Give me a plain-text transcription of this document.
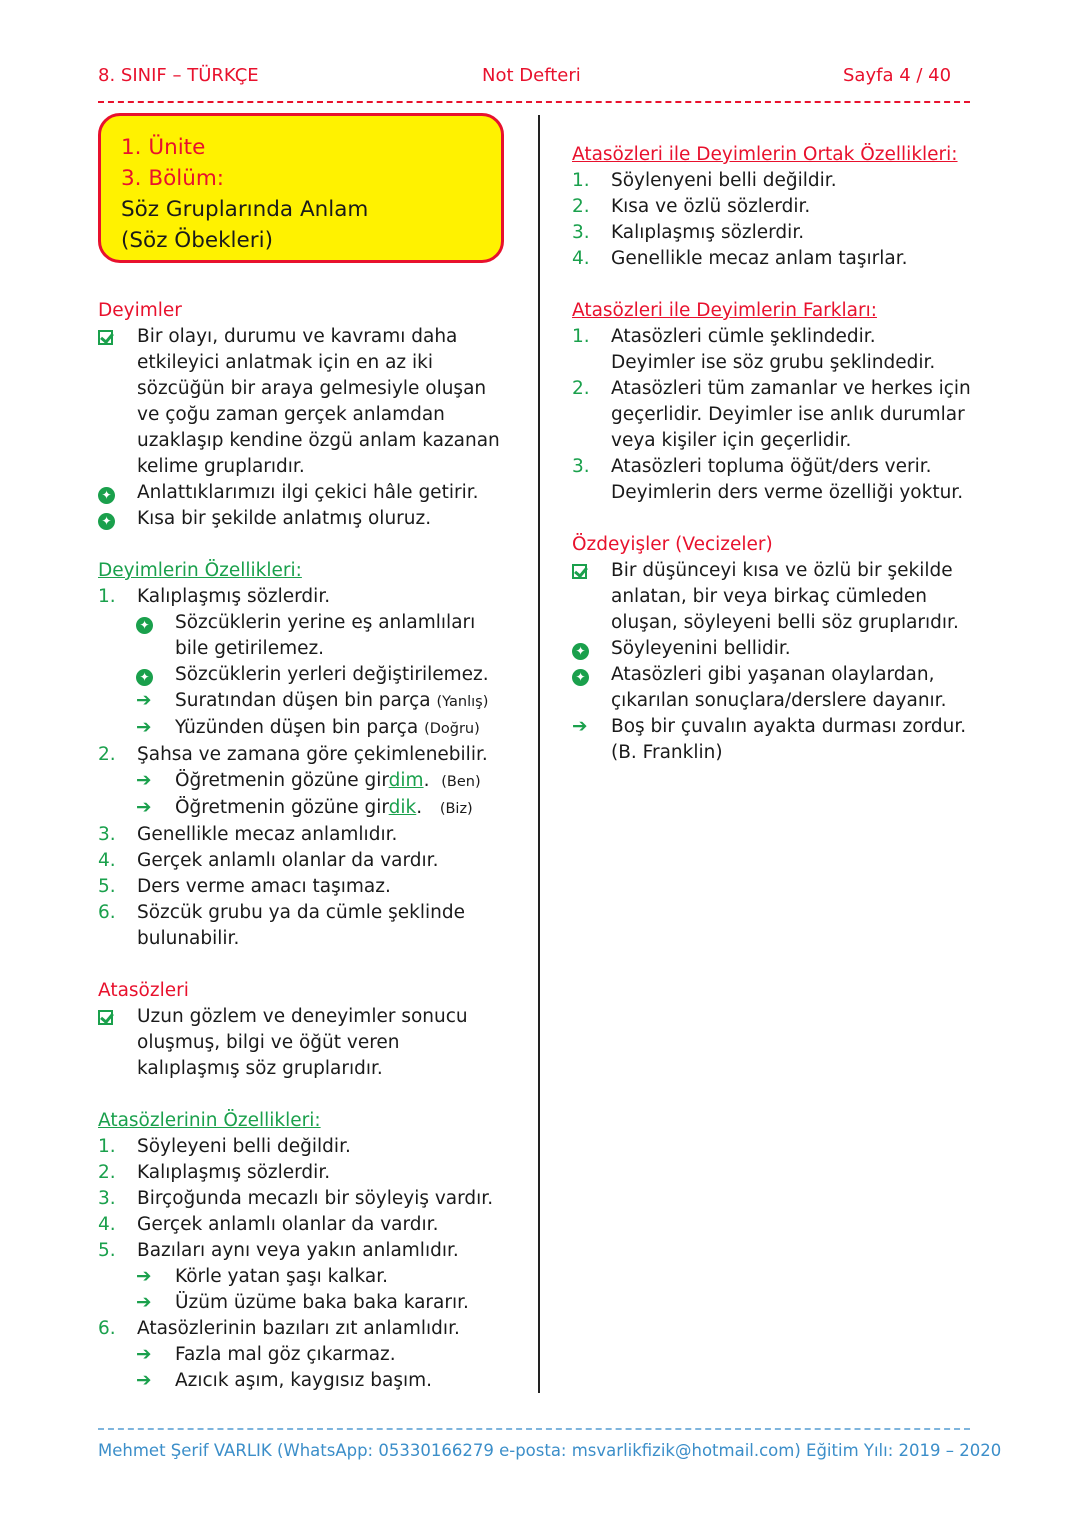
8. SINIF – TÜRKÇE	Not Defteri	Sayfa 4 / 40
1. Ünite
3. Bölüm:
Söz Gruplarında Anlam
(Söz Öbekleri)
Deyimler
Bir olayı, durumu ve kavramı daha
etkileyici anlatmak için en az iki
sözcüğün bir araya gelmesiyle oluşan
ve çoğu zaman gerçek anlamdan
uzaklaşıp kendine özgü anlam kazanan
kelime gruplarıdır.
✦ Anlattıklarımızı ilgi çekici hâle getirir.
✦ Kısa bir şekilde anlatmış oluruz.
Deyimlerin Özellikleri:
1. Kalıplaşmış sözlerdir.
✦ Sözcüklerin yerine eş anlamlıları
bile getirilemez.
✦ Sözcüklerin yerleri değiştirilemez.
➔ Suratından düşen bin parça (Yanlış)
➔ Yüzünden düşen bin parça (Doğru)
2. Şahsa ve zamana göre çekimlenebilir.
➔ Öğretmenin gözüne girdim.  (Ben)
➔ Öğretmenin gözüne girdik.   (Biz)
3. Genellikle mecaz anlamlıdır.
4. Gerçek anlamlı olanlar da vardır.
5. Ders verme amacı taşımaz.
6. Sözcük grubu ya da cümle şeklinde
bulunabilir.
Atasözleri
Uzun gözlem ve deneyimler sonucu
oluşmuş, bilgi ve öğüt veren
kalıplaşmış söz gruplarıdır.
Atasözlerinin Özellikleri:
1. Söyleyeni belli değildir.
2. Kalıplaşmış sözlerdir.
3. Birçoğunda mecazlı bir söyleyiş vardır.
4. Gerçek anlamlı olanlar da vardır.
5. Bazıları aynı veya yakın anlamlıdır.
➔ Körle yatan şaşı kalkar.
➔ Üzüm üzüme baka baka kararır.
6. Atasözlerinin bazıları zıt anlamlıdır.
➔ Fazla mal göz çıkarmaz.
➔ Azıcık aşım, kaygısız başım.
Atasözleri ile Deyimlerin Ortak Özellikleri:
1. Söylenyeni belli değildir.
2. Kısa ve özlü sözlerdir.
3. Kalıplaşmış sözlerdir.
4. Genellikle mecaz anlam taşırlar.
Atasözleri ile Deyimlerin Farkları:
1. Atasözleri cümle şeklindedir.
Deyimler ise söz grubu şeklindedir.
2. Atasözleri tüm zamanlar ve herkes için
geçerlidir. Deyimler ise anlık durumlar
veya kişiler için geçerlidir.
3. Atasözleri topluma öğüt/ders verir.
Deyimlerin ders verme özelliği yoktur.
Özdeyişler (Vecizeler)
Bir düşünceyi kısa ve özlü bir şekilde
anlatan, bir veya birkaç cümleden
oluşan, söyleyeni belli söz gruplarıdır.
✦ Söyleyenini bellidir.
✦ Atasözleri gibi yaşanan olaylardan,
çıkarılan sonuçlara/derslere dayanır.
➔ Boş bir çuvalın ayakta durması zordur.
(B. Franklin)
Mehmet Şerif VARLIK (WhatsApp: 05330166279 e-posta: msvarlikfizik@hotmail.com) Eğitim Yılı: 2019 – 2020
